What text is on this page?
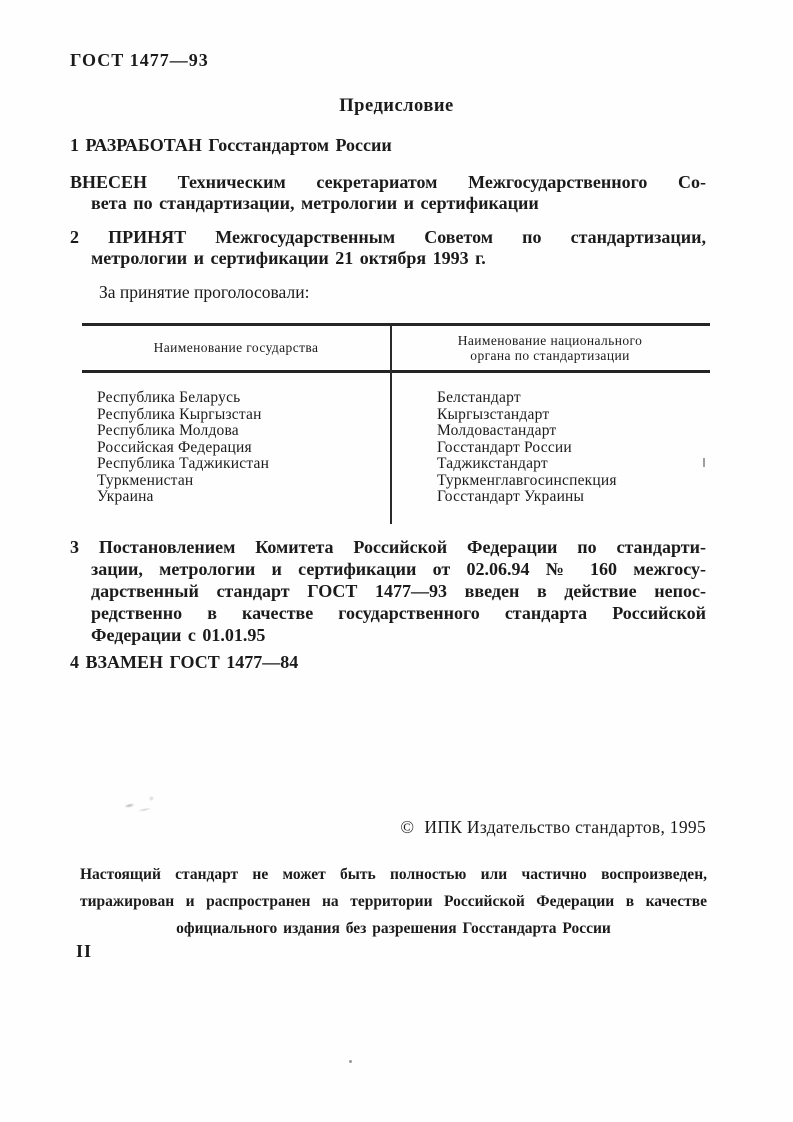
ГОСТ 1477—93
Предисловие
1 РАЗРАБОТАН Госстандартом России
ВНЕСЕН Техническим секретариатом Межгосударственного Со-
вета по стандартизации, метрологии и сертификации
2 ПРИНЯТ Межгосударственным Советом по стандартизации,
метрологии и сертификации 21 октября 1993 г.
За принятие проголосовали:
Наименование государства
Наименование национального
органа по стандартизации
Республика Беларусь
Республика Кыргызстан
Республика Молдова
Российская Федерация
Республика Таджикистан
Туркменистан
Украина
Белстандарт
Кыргызстандарт
Молдовастандарт
Госстандарт России
Таджикстандарт
Туркменглавгосинспекция
Госстандарт Украины
3 Постановлением Комитета Российской Федерации по стандарти-
зации, метрологии и сертификации от 02.06.94 № 160 межгосу-
дарственный стандарт ГОСТ 1477—93 введен в действие непос-
редственно в качестве государственного стандарта Российской
Федерации с 01.01.95
4 ВЗАМЕН ГОСТ 1477—84
© ИПК Издательство стандартов, 1995
Настоящий стандарт не может быть полностью или частично воспроизведен,
тиражирован и распространен на территории Российской Федерации в качестве
официального издания без разрешения Госстандарта России
II
